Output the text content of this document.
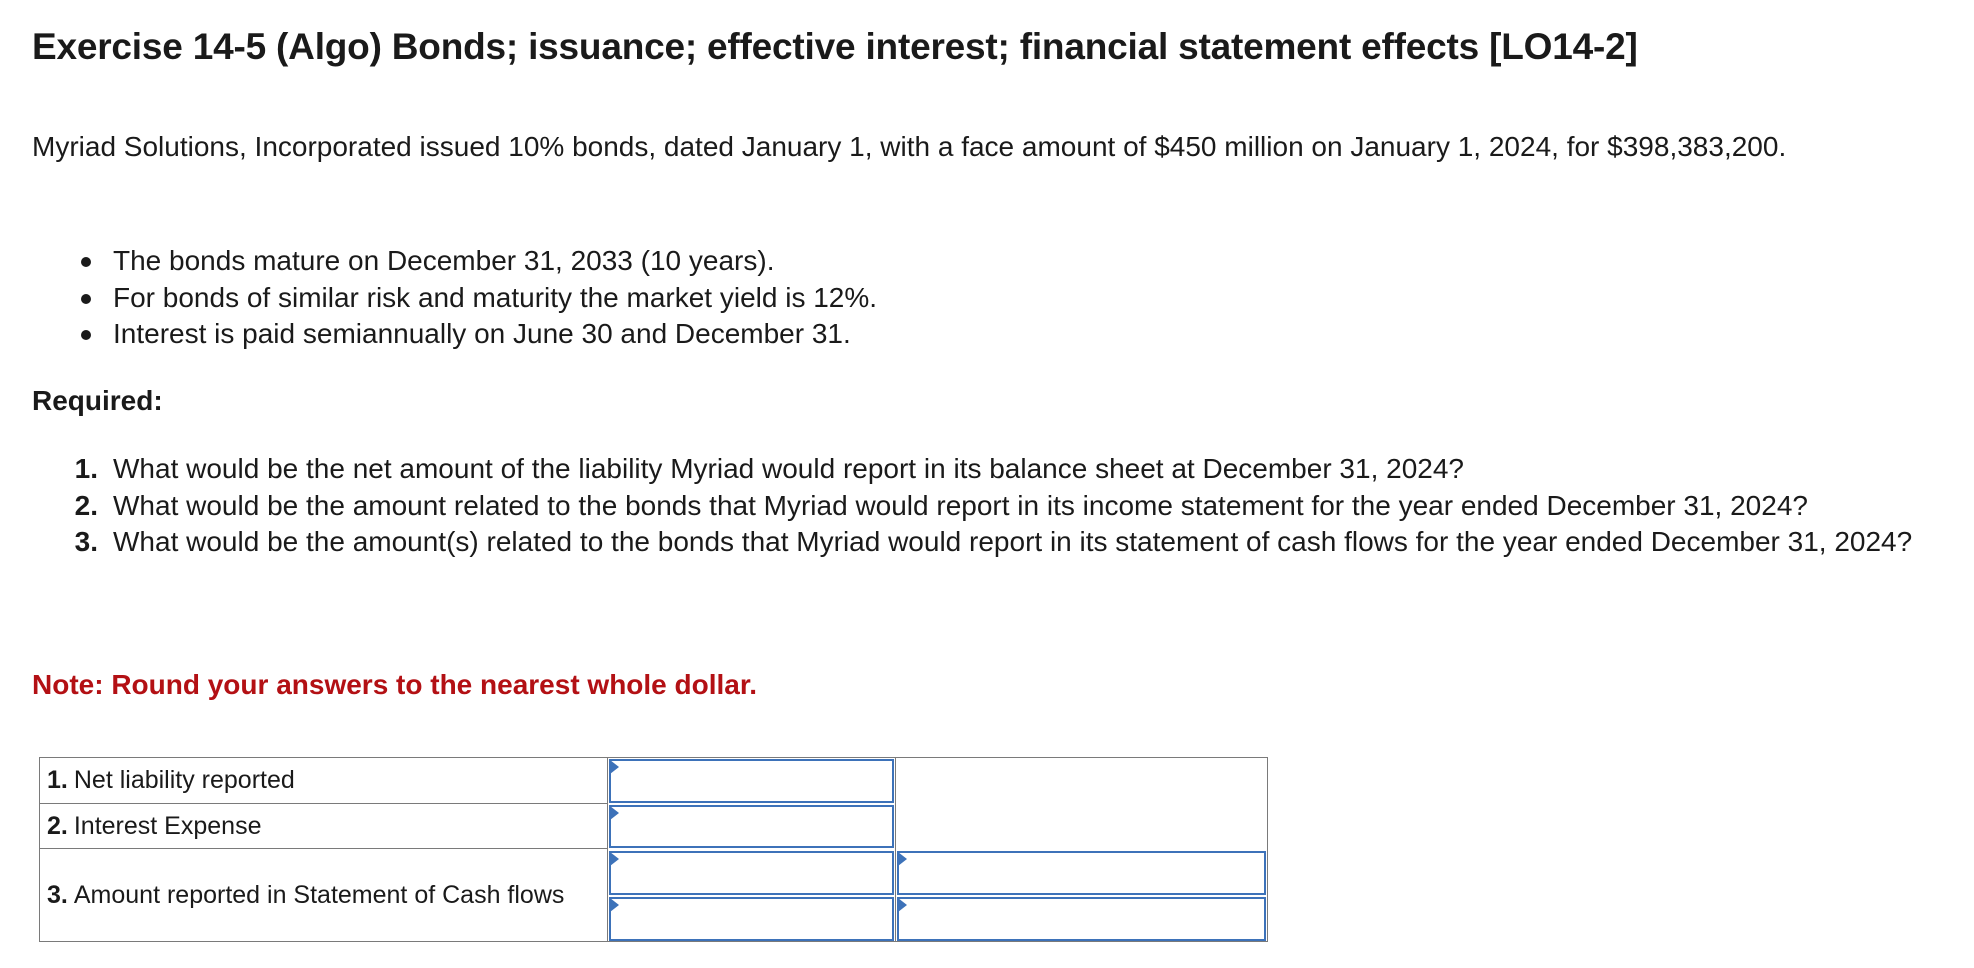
Exercise 14-5 (Algo) Bonds; issuance; effective interest; financial statement effects [LO14-2]

Myriad Solutions, Incorporated issued 10% bonds, dated January 1, with a face amount of $450 million on January 1, 2024, for $398,383,200.

The bonds mature on December 31, 2033 (10 years).
For bonds of similar risk and maturity the market yield is 12%.
Interest is paid semiannually on June 30 and December 31.

Required:

1. What would be the net amount of the liability Myriad would report in its balance sheet at December 31, 2024?
2. What would be the amount related to the bonds that Myriad would report in its income statement for the year ended December 31, 2024?
3. What would be the amount(s) related to the bonds that Myriad would report in its statement of cash flows for the year ended December 31, 2024?

Note: Round your answers to the nearest whole dollar.

1. Net liability reported
2. Interest Expense
3. Amount reported in Statement of Cash flows
